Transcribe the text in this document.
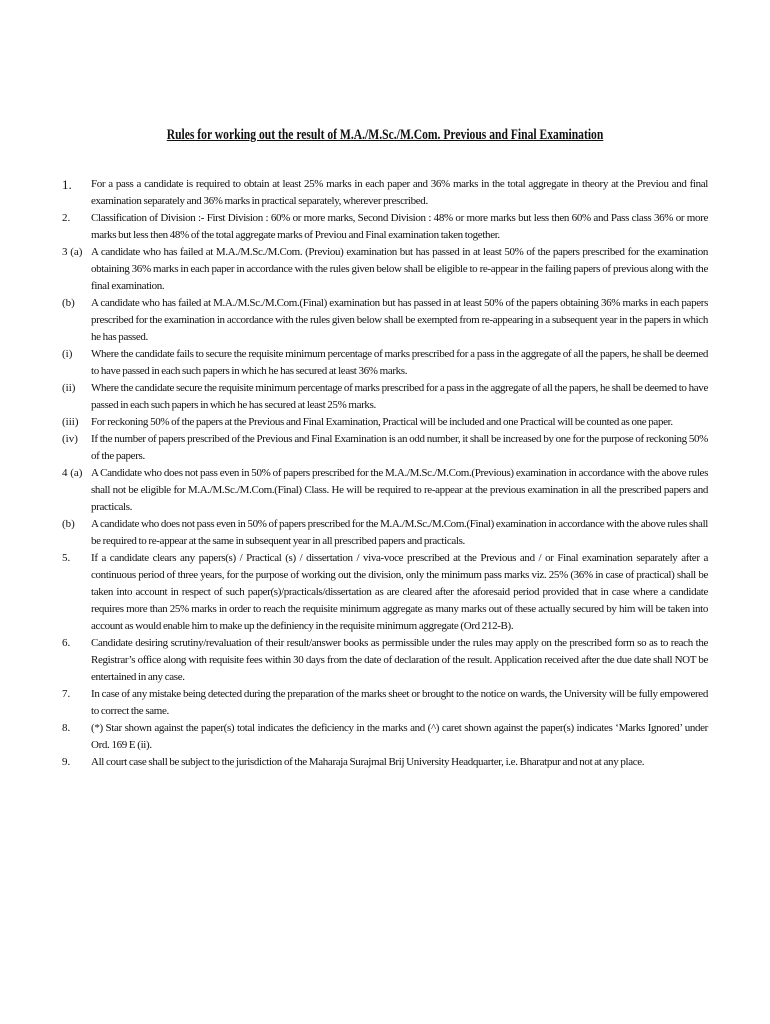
Rules for working out the result of M.A./M.Sc./M.Com. Previous and Final Examination
1.	For a pass a candidate is required to obtain at least 25% marks in each paper and 36% marks in the total aggregate in theory at the Previou and final examination separately and 36% marks in practical separately, wherever prescribed.
2.	Classification of Division :- First Division : 60% or more marks, Second Division : 48% or more marks but less then 60% and Pass class 36% or more marks but less then 48% of the total aggregate marks of Previou and Final examination taken together.
3 (a) A candidate who has failed at M.A./M.Sc./M.Com. (Previou) examination but has passed in at least 50% of the papers prescribed for the examination obtaining 36% marks in each paper in accordance with the rules given below shall be eligible to re-appear in the failing papers of previous along with the final examination.
(b)	A candidate who has failed at M.A./M.Sc./M.Com.(Final) examination but has passed in at least 50% of the papers obtaining 36% marks in each papers prescribed for the examination in accordance with the rules given below shall be exempted from re-appearing in a subsequent year in the papers in which he has passed.
(i)	Where the candidate fails to secure the requisite minimum percentage of marks prescribed for a pass in the aggregate of all the papers, he shall be deemed to have passed in each such papers in which he has secured at least 36% marks.
(ii)	Where the candidate secure the requisite minimum percentage of marks prescribed for a pass in the aggregate of all the papers, he shall be deemed to have passed in each such papers in which he has secured at least 25% marks.
(iii)	For reckoning 50% of the papers at the Previous and Final Examination, Practical will be included and one Practical will be counted as one paper.
(iv)	If the number of papers prescribed of the Previous and Final Examination is an odd number, it shall be increased by one for the purpose of reckoning 50% of the papers.
4 (a) A Candidate who does not pass even in 50% of papers prescribed for the M.A./M.Sc./M.Com.(Previous) examination in accordance with the above rules shall not be eligible for M.A./M.Sc./M.Com.(Final) Class. He will be required to re-appear at the previous examination in all the prescribed papers and practicals.
(b)	A candidate who does not pass even in 50% of papers prescribed for the M.A./M.Sc./M.Com.(Final) examination in accordance with the above rules shall be required to re-appear at the same in subsequent year in all prescribed papers and practicals.
5.	If a candidate clears any papers(s) / Practical (s) / dissertation / viva-voce prescribed at the Previous and / or Final examination separately after a continuous period of three years, for the purpose of working out the division, only the minimum pass marks viz. 25% (36% in case of practical) shall be taken into account in respect of such paper(s)/practicals/dissertation as are cleared after the aforesaid period provided that in case where a candidate requires more than 25% marks in order to reach the requisite minimum aggregate as many marks out of these actually secured by him will be taken into account as would enable him to make up the definiency in the requisite minimum aggregate (Ord 212-B).
6.	Candidate desiring scrutiny/revaluation of their result/answer books as permissible under the rules may apply on the prescribed form so as to reach the Registrar’s office along with requisite fees within 30 days from the date of declaration of the result. Application received after the due date shall NOT be entertained in any case.
7.	In case of any mistake being detected during the preparation of the marks sheet or brought to the notice on wards, the University will be fully empowered to correct the same.
8.	(*) Star shown against the paper(s) total indicates the deficiency in the marks and (^) caret shown against the paper(s) indicates ‘Marks Ignored’ under Ord. 169 E (ii).
9.	All court case shall be subject to the jurisdiction of the Maharaja Surajmal Brij University Headquarter, i.e. Bharatpur and not at any place.
